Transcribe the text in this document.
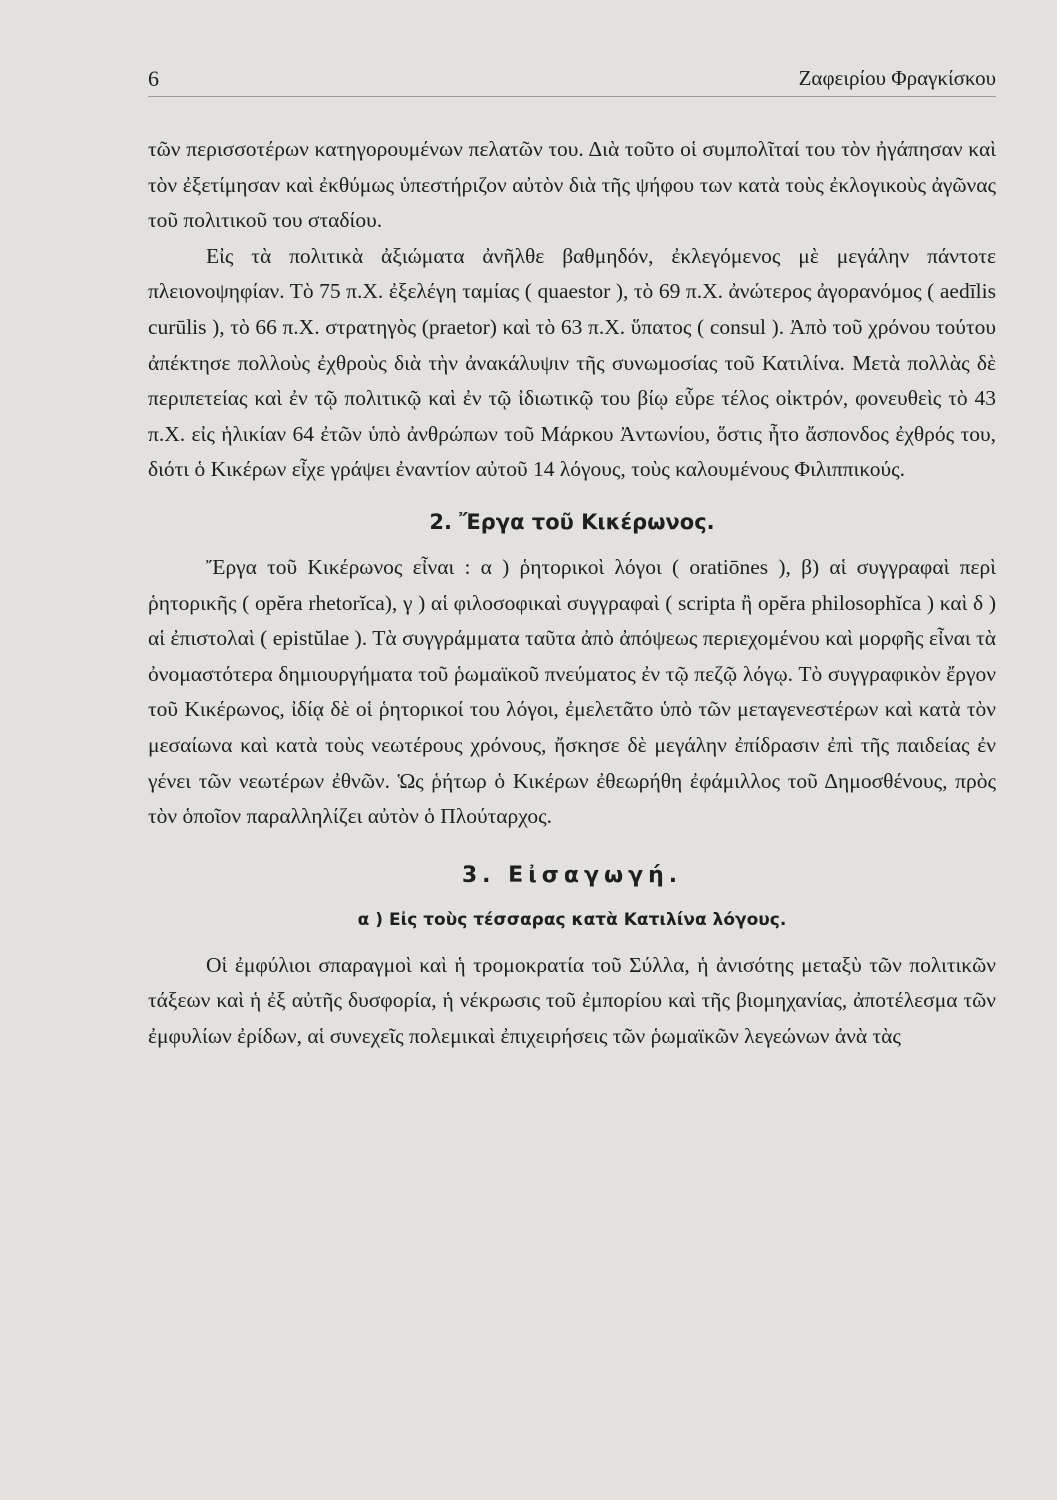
6	Ζαφειρίου Φραγκίσκου

τῶν περισσοτέρων κατηγορουμένων πελατῶν του. Διὰ τοῦτο οἱ συμπολῖταί του τὸν ἠγάπησαν καὶ τὸν ἐξετίμησαν καὶ ἐκθύμως ὑπεστήριζον αὐτὸν διὰ τῆς ψήφου των κατὰ τοὺς ἐκλογικοὺς ἀγῶνας τοῦ πολιτικοῦ του σταδίου.

Εἰς τὰ πολιτικὰ ἀξιώματα ἀνῆλθε βαθμηδόν, ἐκλεγόμενος μὲ μεγάλην πάντοτε πλειονοψηφίαν. Τὸ 75 π.Χ. ἐξελέγη ταμίας ( quaestor ), τὸ 69 π.Χ. ἀνώτερος ἀγορανόμος ( aedīlis curūlis ), τὸ 66 π.Χ. στρατηγὸς (praetor) καὶ τὸ 63 π.Χ. ὕπατος ( consul ). Ἀπὸ τοῦ χρόνου τούτου ἀπέκτησε πολλοὺς ἐχθροὺς διὰ τὴν ἀνακάλυψιν τῆς συνωμοσίας τοῦ Κατιλίνα. Μετὰ πολλὰς δὲ περιπετείας καὶ ἐν τῷ πολιτικῷ καὶ ἐν τῷ ἰδιωτικῷ του βίῳ εὗρε τέλος οἰκτρόν, φονευθεὶς τὸ 43 π.Χ. εἰς ἡλικίαν 64 ἐτῶν ὑπὸ ἀνθρώπων τοῦ Μάρκου Ἀντωνίου, ὅστις ἦτο ἄσπονδος ἐχθρός του, διότι ὁ Κικέρων εἶχε γράψει ἐναντίον αὐτοῦ 14 λόγους, τοὺς καλουμένους Φιλιππικούς.

2. Ἔργα τοῦ Κικέρωνος.

Ἔργα τοῦ Κικέρωνος εἶναι : α ) ῥητορικοὶ λόγοι ( oratiōnes ), β) αἱ συγγραφαὶ περὶ ῥητορικῆς ( opĕra rhetorĭca), γ ) αἱ φιλοσοφικαὶ συγγραφαὶ ( scripta ἢ opĕra philosophĭca ) καὶ δ ) αἱ ἐπιστολαὶ ( epistŭlae ). Τὰ συγγράμματα ταῦτα ἀπὸ ἀπόψεως περιεχομένου καὶ μορφῆς εἶναι τὰ ὀνομαστότερα δημιουργήματα τοῦ ῥωμαϊκοῦ πνεύματος ἐν τῷ πεζῷ λόγῳ. Τὸ συγγραφικὸν ἔργον τοῦ Κικέρωνος, ἰδίᾳ δὲ οἱ ῥητορικοί του λόγοι, ἐμελετᾶτο ὑπὸ τῶν μεταγενεστέρων καὶ κατὰ τὸν μεσαίωνα καὶ κατὰ τοὺς νεωτέρους χρόνους, ἤσκησε δὲ μεγάλην ἐπίδρασιν ἐπὶ τῆς παιδείας ἐν γένει τῶν νεωτέρων ἐθνῶν. Ὡς ῥήτωρ ὁ Κικέρων ἐθεωρήθη ἐφάμιλλος τοῦ Δημοσθένους, πρὸς τὸν ὁποῖον παραλληλίζει αὐτὸν ὁ Πλούταρχος.

3. Εἰσαγωγή.
α ) Εἰς τοὺς τέσσαρας κατὰ Κατιλίνα λόγους.

Οἱ ἐμφύλιοι σπαραγμοὶ καὶ ἡ τρομοκρατία τοῦ Σύλλα, ἡ ἀνισότης μεταξὺ τῶν πολιτικῶν τάξεων καὶ ἡ ἐξ αὐτῆς δυσφορία, ἡ νέκρωσις τοῦ ἐμπορίου καὶ τῆς βιομηχανίας, ἀποτέλεσμα τῶν ἐμφυλίων ἐρίδων, αἱ συνεχεῖς πολεμικαὶ ἐπιχειρήσεις τῶν ῥωμαϊκῶν λεγεώνων ἀνὰ τὰς
